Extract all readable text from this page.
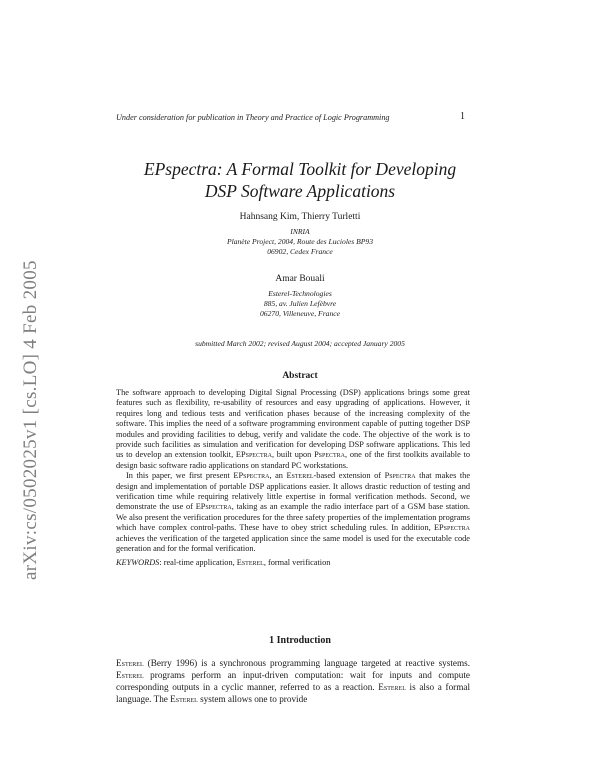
arXiv:cs/0502025v1 [cs.LO] 4 Feb 2005
Under consideration for publication in Theory and Practice of Logic Programming	1
EPspectra: A Formal Toolkit for Developing
DSP Software Applications
Hahnsang Kim, Thierry Turletti
INRIA
Planète Project, 2004, Route des Lucioles BP93
06902, Cedex France
Amar Bouali
Esterel-Technologies
885, av. Julien Lefèbvre
06270, Villeneuve, France
submitted March 2002; revised August 2004; accepted January 2005
Abstract

The software approach to developing Digital Signal Processing (DSP) applications brings some great features such as flexibility, re-usability of resources and easy upgrading of applications. However, it requires long and tedious tests and verification phases because of the increasing complexity of the software. This implies the need of a software programming environment capable of putting together DSP modules and providing facilities to debug, verify and validate the code. The objective of the work is to provide such facilities as simulation and verification for developing DSP software applications. This led us to develop an extension toolkit, EPspectra, built upon Pspectra, one of the first toolkits available to design basic software radio applications on standard PC workstations.

In this paper, we first present EPspectra, an Esterel-based extension of Pspectra that makes the design and implementation of portable DSP applications easier. It allows drastic reduction of testing and verification time while requiring relatively little expertise in formal verification methods. Second, we demonstrate the use of EPspectra, taking as an example the radio interface part of a GSM base station. We also present the verification procedures for the three safety properties of the implementation programs which have complex control-paths. These have to obey strict scheduling rules. In addition, EPspectra achieves the verification of the targeted application since the same model is used for the executable code generation and for the formal verification.

KEYWORDS: real-time application, Esterel, formal verification

1 Introduction

Esterel (Berry 1996) is a synchronous programming language targeted at reactive systems. Esterel programs perform an input-driven computation: wait for inputs and compute corresponding outputs in a cyclic manner, referred to as a reaction. Esterel is also a formal language. The Esterel system allows one to provide
